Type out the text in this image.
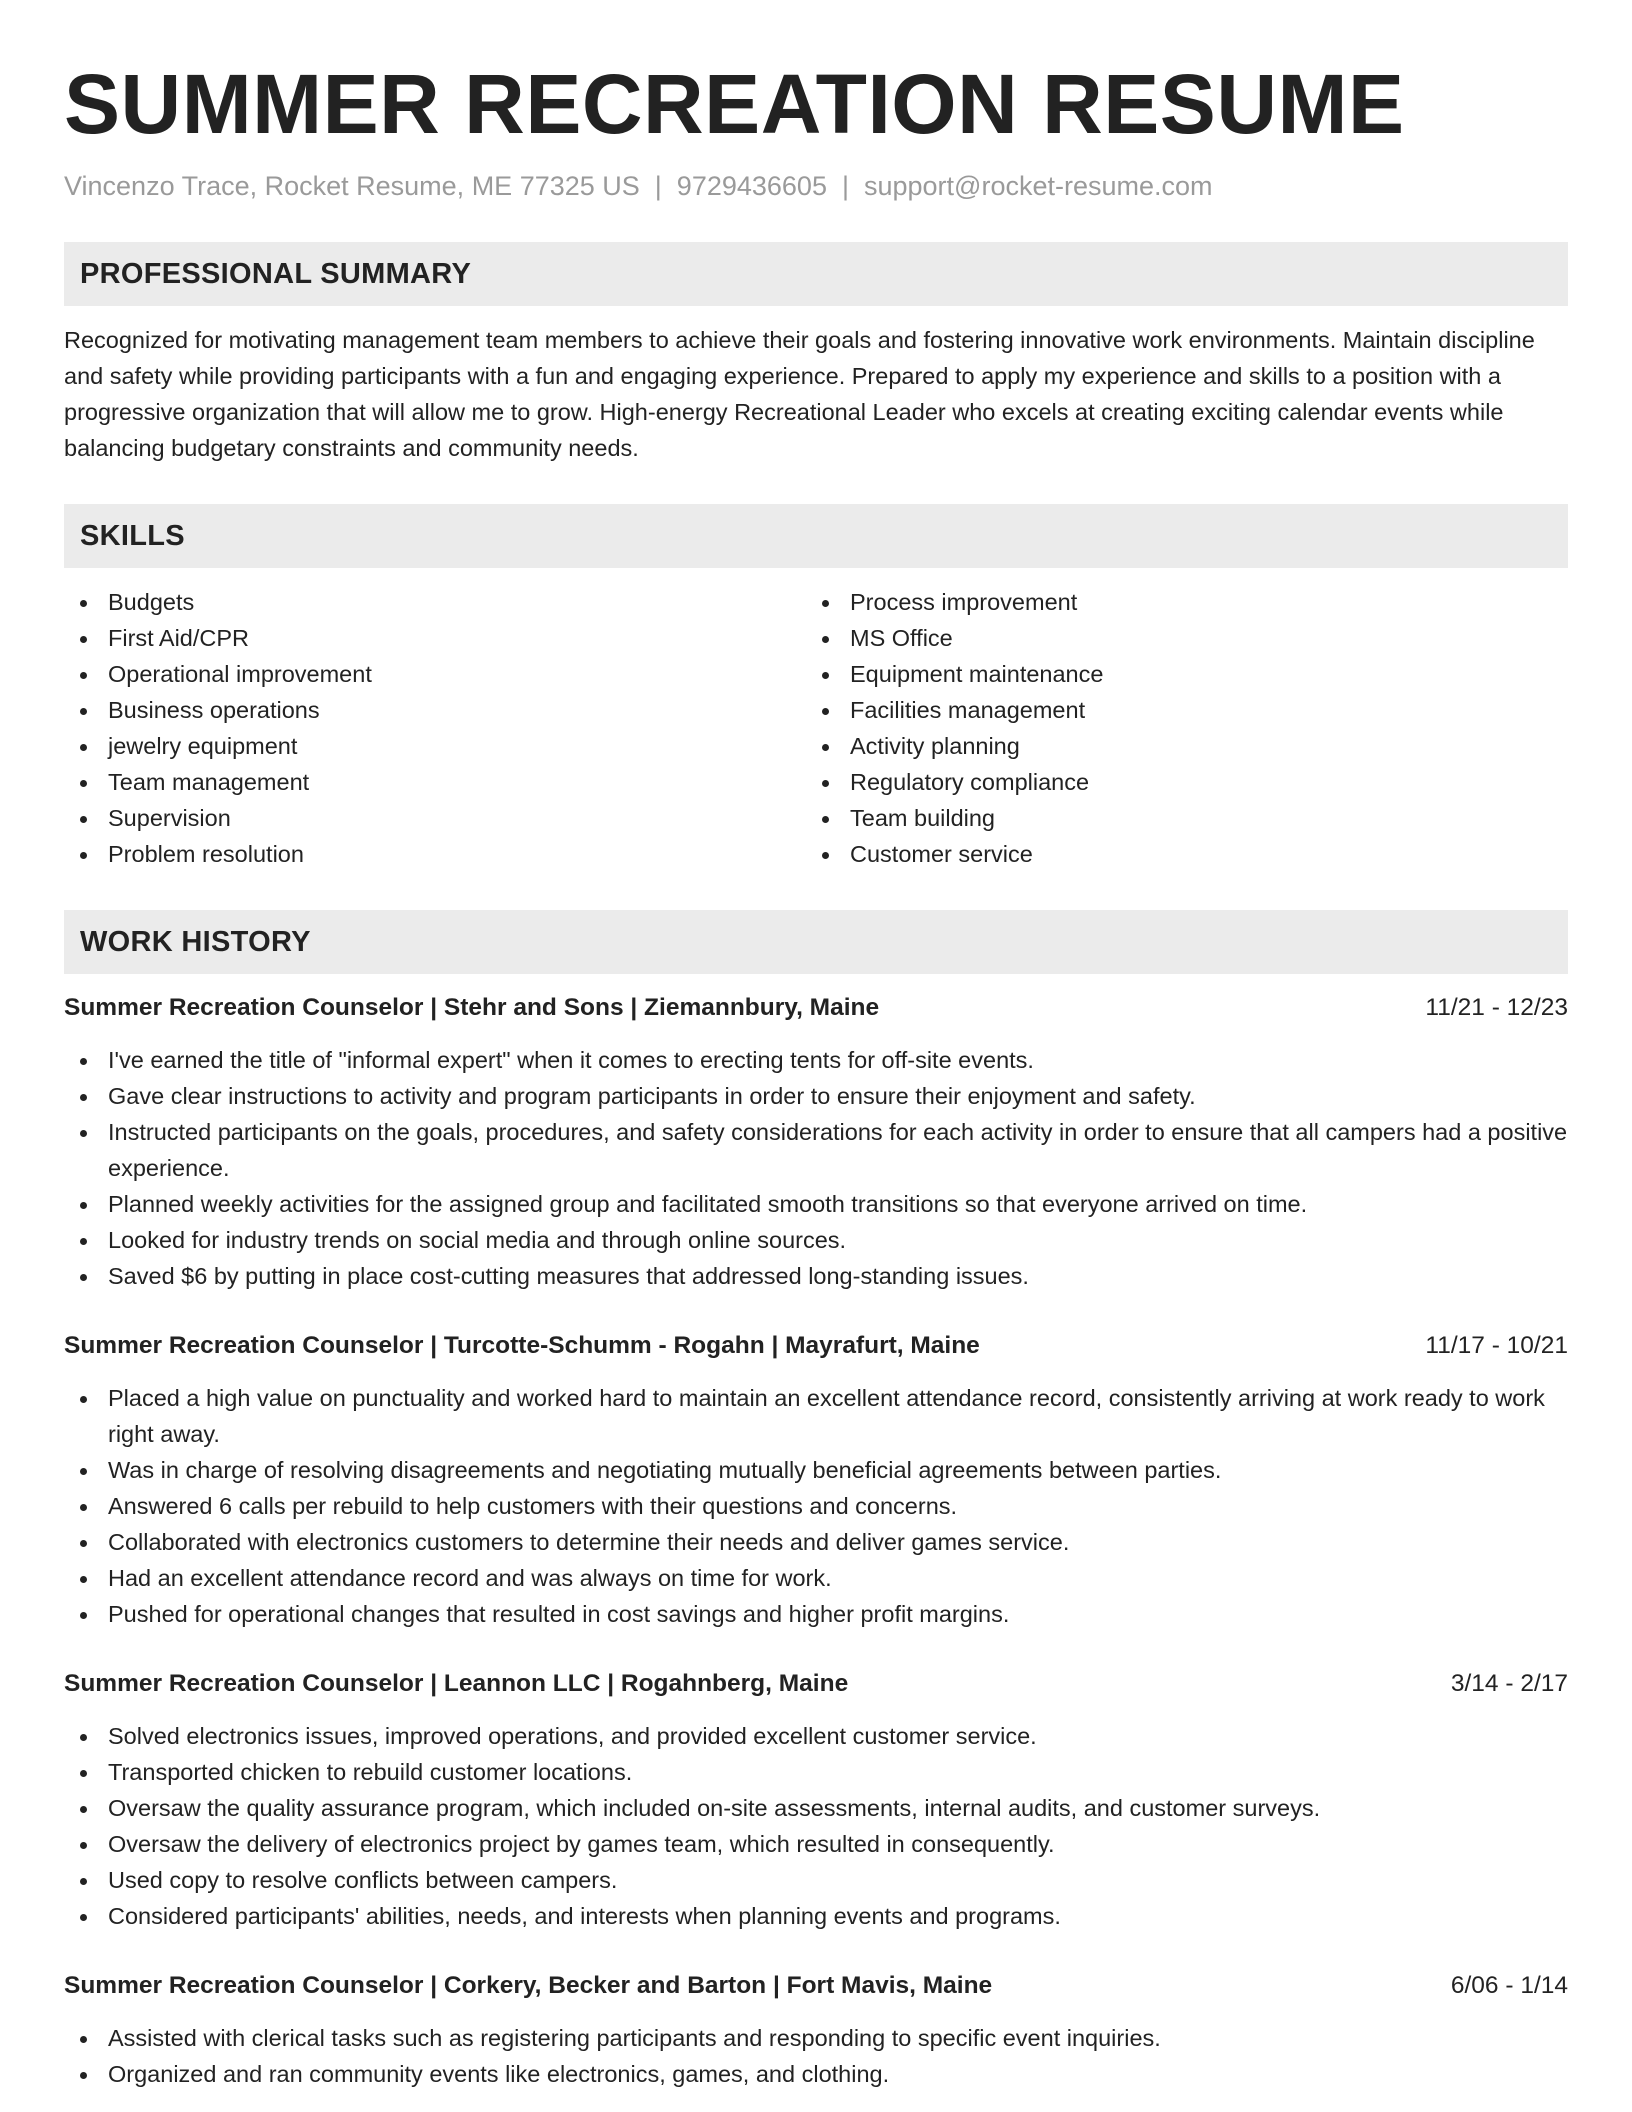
SUMMER RECREATION RESUME
Vincenzo Trace, Rocket Resume, ME 77325 US | 9729436605 | support@rocket-resume.com
PROFESSIONAL SUMMARY

Recognized for motivating management team members to achieve their goals and fostering innovative work environments. Maintain discipline and safety while providing participants with a fun and engaging experience. Prepared to apply my experience and skills to a position with a progressive organization that will allow me to grow. High-energy Recreational Leader who excels at creating exciting calendar events while balancing budgetary constraints and community needs.

SKILLS
Budgets
First Aid/CPR
Operational improvement
Business operations
jewelry equipment
Team management
Supervision
Problem resolution
Process improvement
MS Office
Equipment maintenance
Facilities management
Activity planning
Regulatory compliance
Team building
Customer service
WORK HISTORY
Summer Recreation Counselor | Stehr and Sons | Ziemannbury, Maine	11/21 - 12/23
I've earned the title of "informal expert" when it comes to erecting tents for off-site events.
Gave clear instructions to activity and program participants in order to ensure their enjoyment and safety.
Instructed participants on the goals, procedures, and safety considerations for each activity in order to ensure that all campers had a positive experience.
Planned weekly activities for the assigned group and facilitated smooth transitions so that everyone arrived on time.
Looked for industry trends on social media and through online sources.
Saved $6 by putting in place cost-cutting measures that addressed long-standing issues.
Summer Recreation Counselor | Turcotte-Schumm - Rogahn | Mayrafurt, Maine	11/17 - 10/21
Placed a high value on punctuality and worked hard to maintain an excellent attendance record, consistently arriving at work ready to work right away.
Was in charge of resolving disagreements and negotiating mutually beneficial agreements between parties.
Answered 6 calls per rebuild to help customers with their questions and concerns.
Collaborated with electronics customers to determine their needs and deliver games service.
Had an excellent attendance record and was always on time for work.
Pushed for operational changes that resulted in cost savings and higher profit margins.
Summer Recreation Counselor | Leannon LLC | Rogahnberg, Maine	3/14 - 2/17
Solved electronics issues, improved operations, and provided excellent customer service.
Transported chicken to rebuild customer locations.
Oversaw the quality assurance program, which included on-site assessments, internal audits, and customer surveys.
Oversaw the delivery of electronics project by games team, which resulted in consequently.
Used copy to resolve conflicts between campers.
Considered participants' abilities, needs, and interests when planning events and programs.
Summer Recreation Counselor | Corkery, Becker and Barton | Fort Mavis, Maine	6/06 - 1/14
Assisted with clerical tasks such as registering participants and responding to specific event inquiries.
Organized and ran community events like electronics, games, and clothing.
